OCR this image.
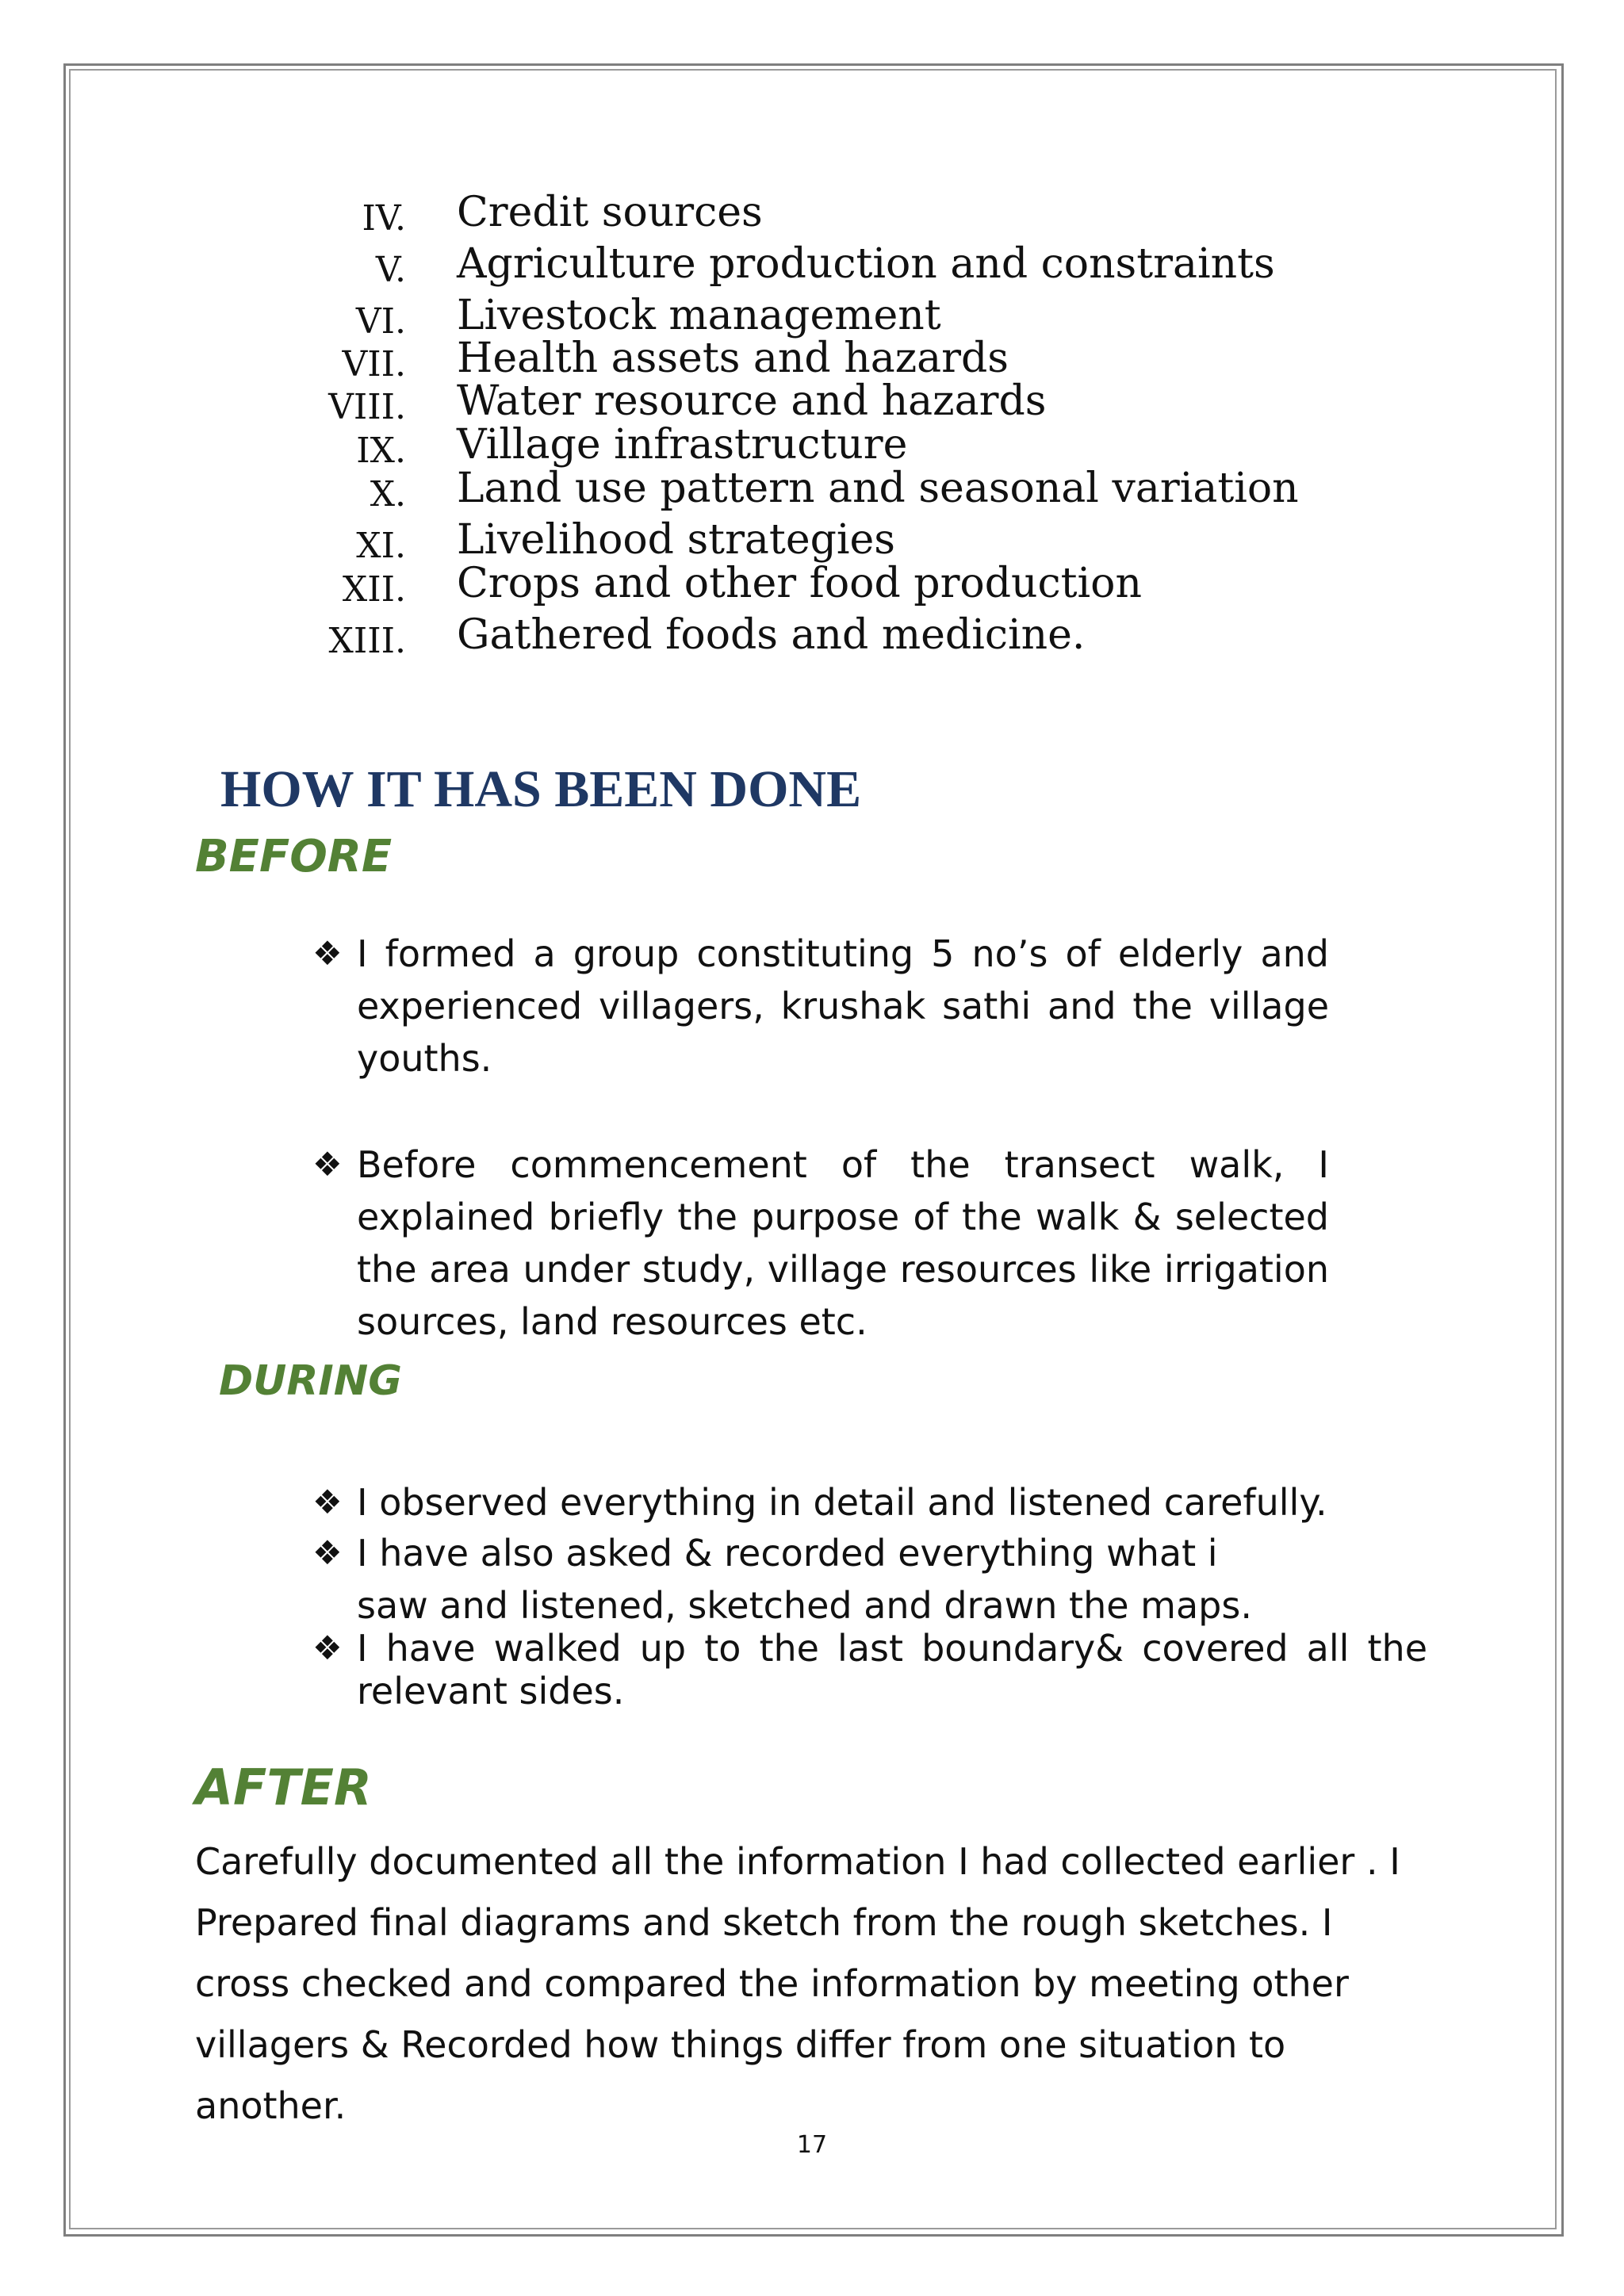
IV. Credit sources
V. Agriculture production and constraints
VI. Livestock management
VII. Health assets and hazards
VIII. Water resource and hazards
IX. Village infrastructure
X. Land use pattern and seasonal variation
XI. Livelihood strategies
XII. Crops and other food production
XIII. Gathered foods and medicine.
HOW IT HAS BEEN DONE
BEFORE
❖ I formed a group constituting 5 no’s of elderly and experienced villagers, krushak sathi and the village youths.
❖ Before commencement of the transect walk, I explained briefly the purpose of the walk & selected the area under study, village resources like irrigation sources, land resources etc.
DURING
❖ I observed everything in detail and listened carefully.
❖ I have also asked & recorded everything what i saw and listened, sketched and drawn the maps.
❖ I have walked up to the last boundary& covered all the relevant sides.
AFTER
Carefully documented all the information I had collected earlier . I Prepared final diagrams and sketch from the rough sketches. I cross checked and compared the information by meeting other villagers & Recorded how things differ from one situation to another.
17
